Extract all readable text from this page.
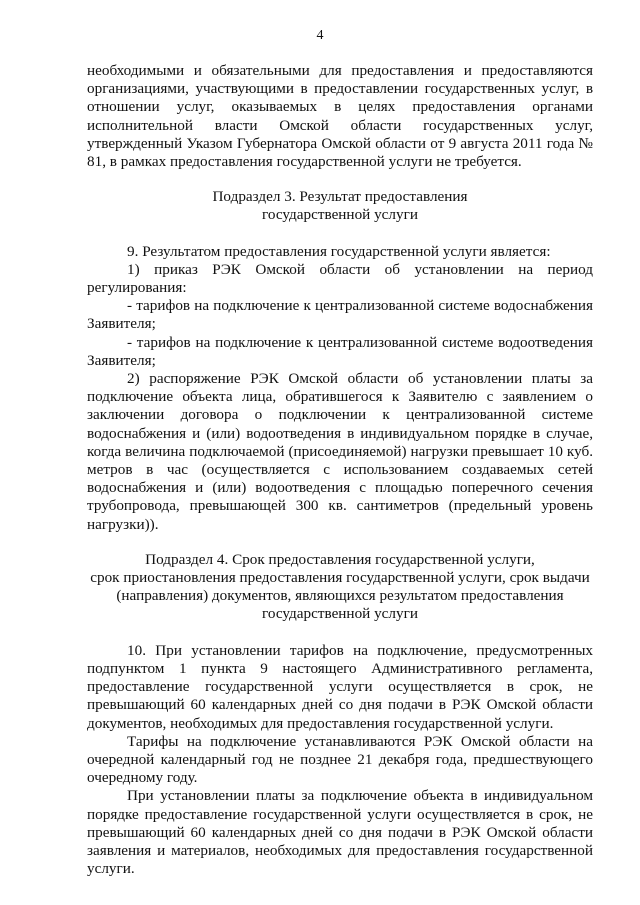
4

необходимыми и обязательными для предоставления и предоставляются организациями, участвующими в предоставлении государственных услуг, в отношении услуг, оказываемых в целях предоставления органами исполнительной власти Омской области государственных услуг, утвержденный Указом Губернатора Омской области от 9 августа 2011 года № 81, в рамках предоставления государственной услуги не требуется.

Подраздел 3. Результат предоставления

государственной услуги

9. Результатом предоставления государственной услуги является:

1) приказ РЭК Омской области об установлении на период регулирования:

- тарифов на подключение к централизованной системе водоснабжения Заявителя;

- тарифов на подключение к централизованной системе водоотведения Заявителя;

2) распоряжение РЭК Омской области об установлении платы за подключение объекта лица, обратившегося к Заявителю с заявлением о заключении договора о подключении к централизованной системе водоснабжения и (или) водоотведения в индивидуальном порядке в случае, когда величина подключаемой (присоединяемой) нагрузки превышает 10 куб. метров в час (осуществляется с использованием создаваемых сетей водоснабжения и (или) водоотведения с площадью поперечного сечения трубопровода, превышающей 300 кв. сантиметров (предельный уровень нагрузки)).

Подраздел 4. Срок предоставления государственной услуги,

срок приостановления предоставления государственной услуги, срок выдачи

(направления) документов, являющихся результатом предоставления

государственной услуги

10. При установлении тарифов на подключение, предусмотренных подпунктом 1 пункта 9 настоящего Административного регламента, предоставление государственной услуги осуществляется в срок, не превышающий 60 календарных дней со дня подачи в РЭК Омской области документов, необходимых для предоставления государственной услуги.

Тарифы на подключение устанавливаются РЭК Омской области на очередной календарный год не позднее 21 декабря года, предшествующего очередному году.

При установлении платы за подключение объекта в индивидуальном порядке предоставление государственной услуги осуществляется в срок, не превышающий 60 календарных дней со дня подачи в РЭК Омской области заявления и материалов, необходимых для предоставления государственной услуги.
